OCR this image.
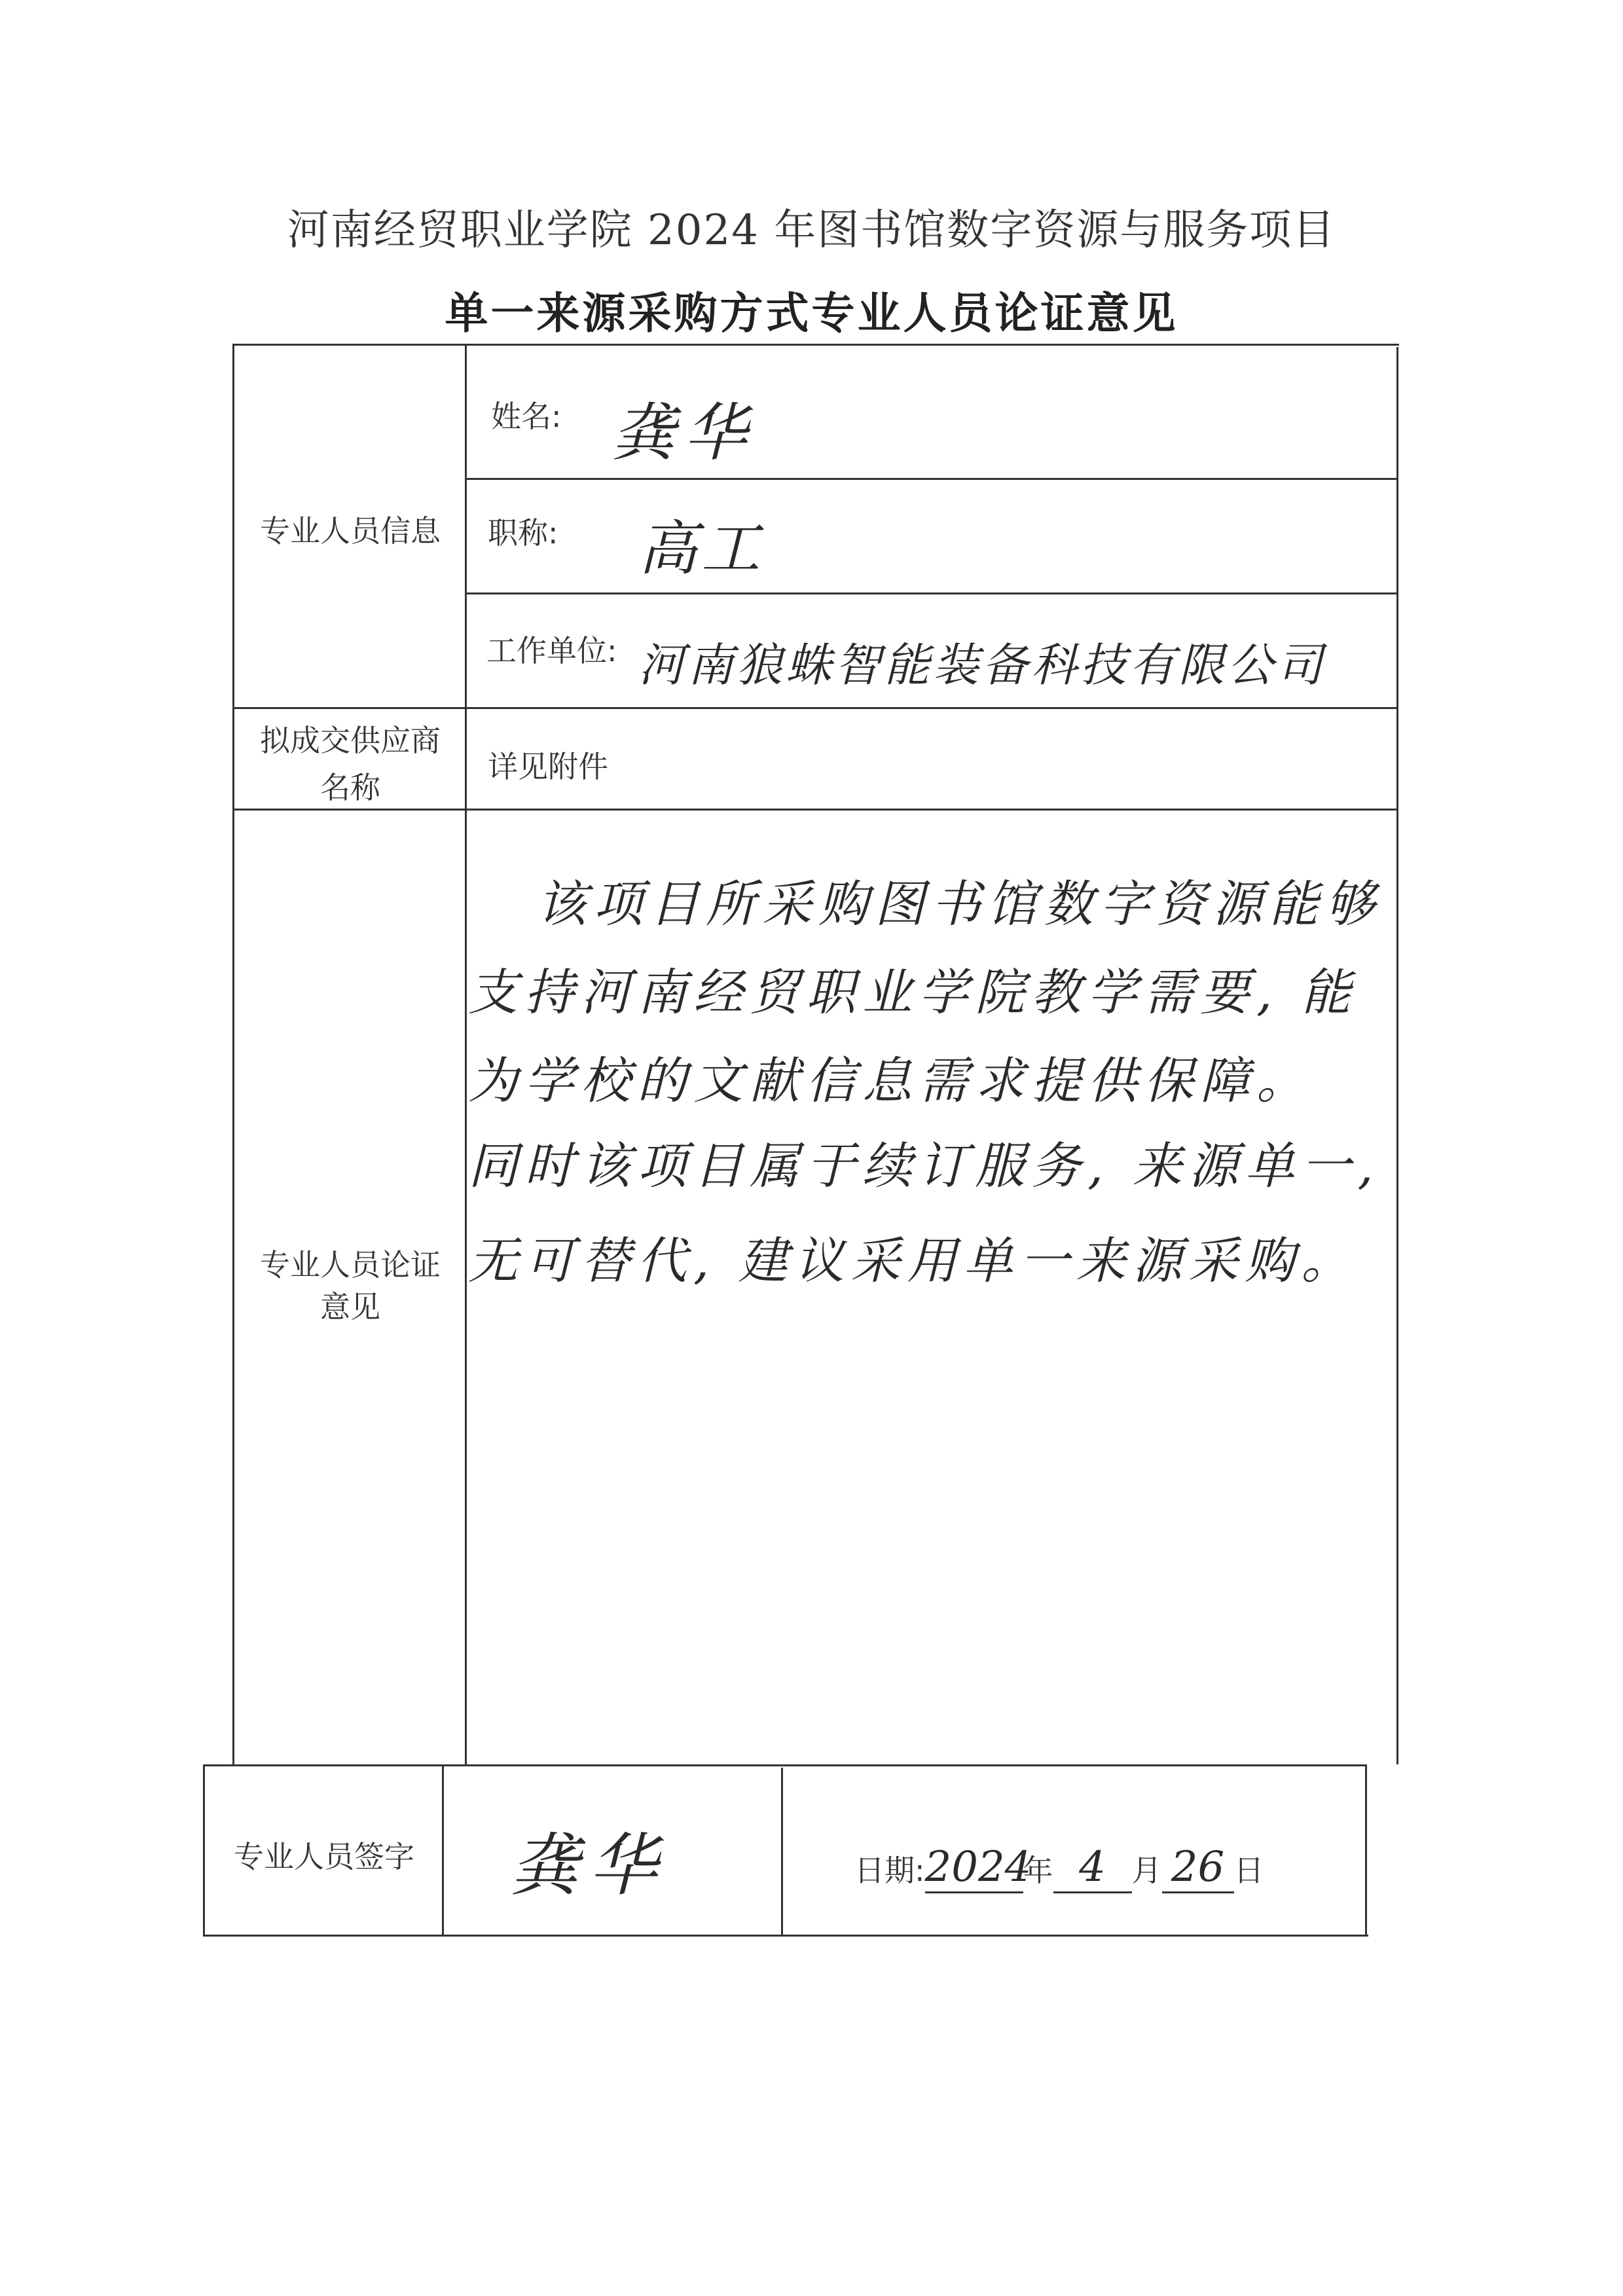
河南经贸职业学院 2024 年图书馆数字资源与服务项目
单一来源采购方式专业人员论证意见
专业人员信息
姓名: 龚华
职称: 高工
工作单位: 河南狼蛛智能装备科技有限公司
拟成交供应商名称
详见附件
专业人员论证意见
该项目所采购图书馆数字资源能够
支持河南经贸职业学院教学需要, 能
为学校的文献信息需求提供保障。
同时该项目属于续订服务, 来源单一,
无可替代, 建议采用单一来源采购。
专业人员签字	龚华	日期:2024年 4 月 26 日
